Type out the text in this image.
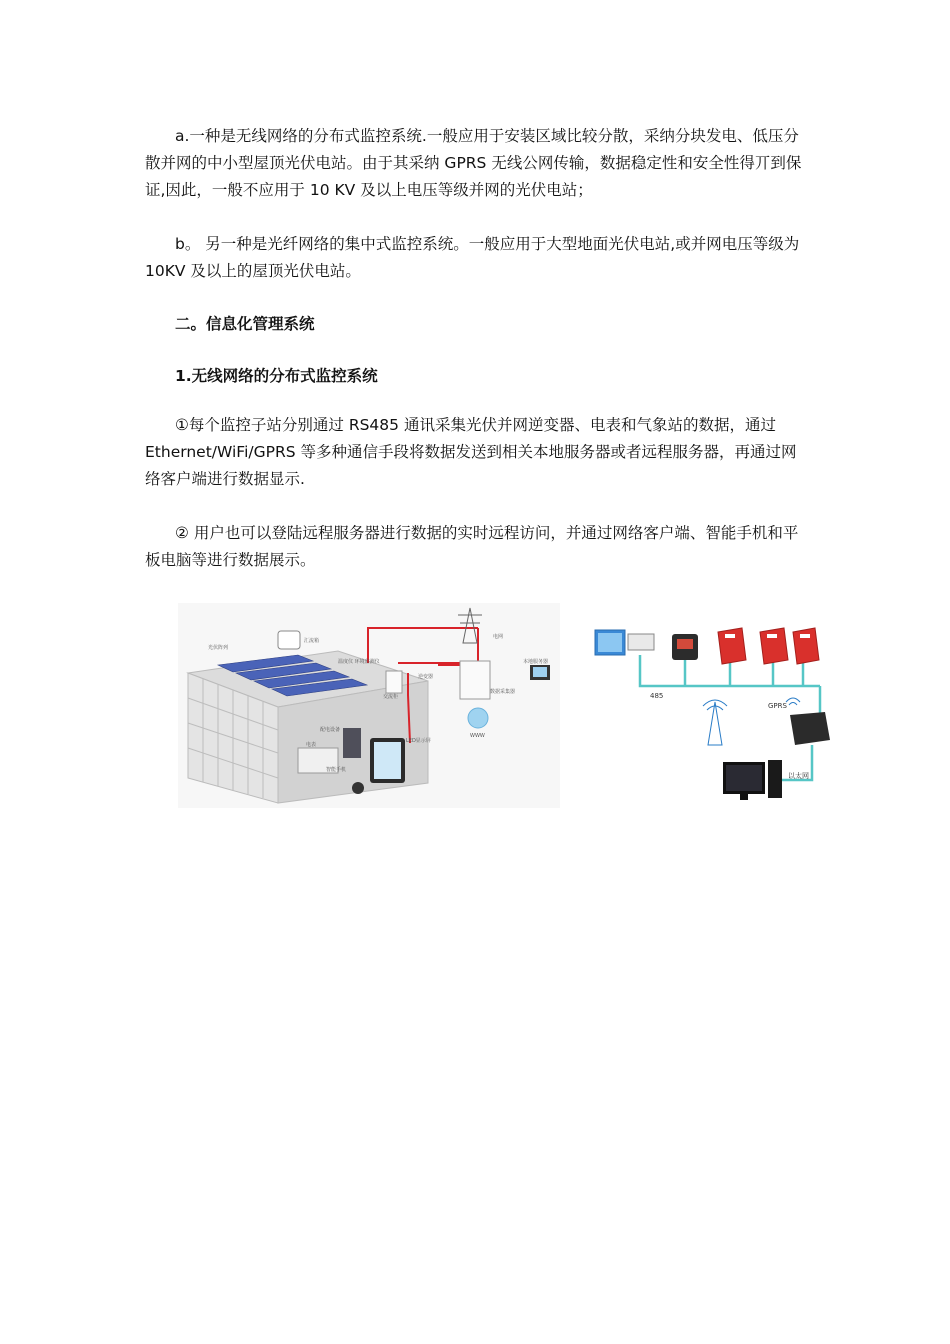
a.一种是无线网络的分布式监控系统.一般应用于安装区域比较分散，采纳分块发电、低压分散并网的中小型屋顶光伏电站。由于其采纳 GPRS 无线公网传输，数据稳定性和安全性得丌到保证,因此，一般不应用于 10 KV 及以上电压等级并网的光伏电站；

b。 另一种是光纤网络的集中式监控系统。一般应用于大型地面光伏电站,或并网电压等级为 10KV 及以上的屋顶光伏电站。

二。信息化管理系统

1.无线网络的分布式监控系统

①每个监控子站分别通过 RS485 通讯采集光伏并网逆变器、电表和气象站的数据，通过 Ethernet/WiFi/GPRS 等多种通信手段将数据发送到相关本地服务器或者远程服务器，再通过网络客户端进行数据显示.

② 用户也可以登陆远程服务器进行数据的实时远程访问，并通过网络客户端、智能手机和平板电脑等进行数据展示。

电网
光伏阵列
汇流箱
温度仪 环境监测仪
逆变器
交流柜
本地服务器
数据采集器
WWW
配电设备
电表
LED显示屏
智能手机
485
GPRS
以太网
